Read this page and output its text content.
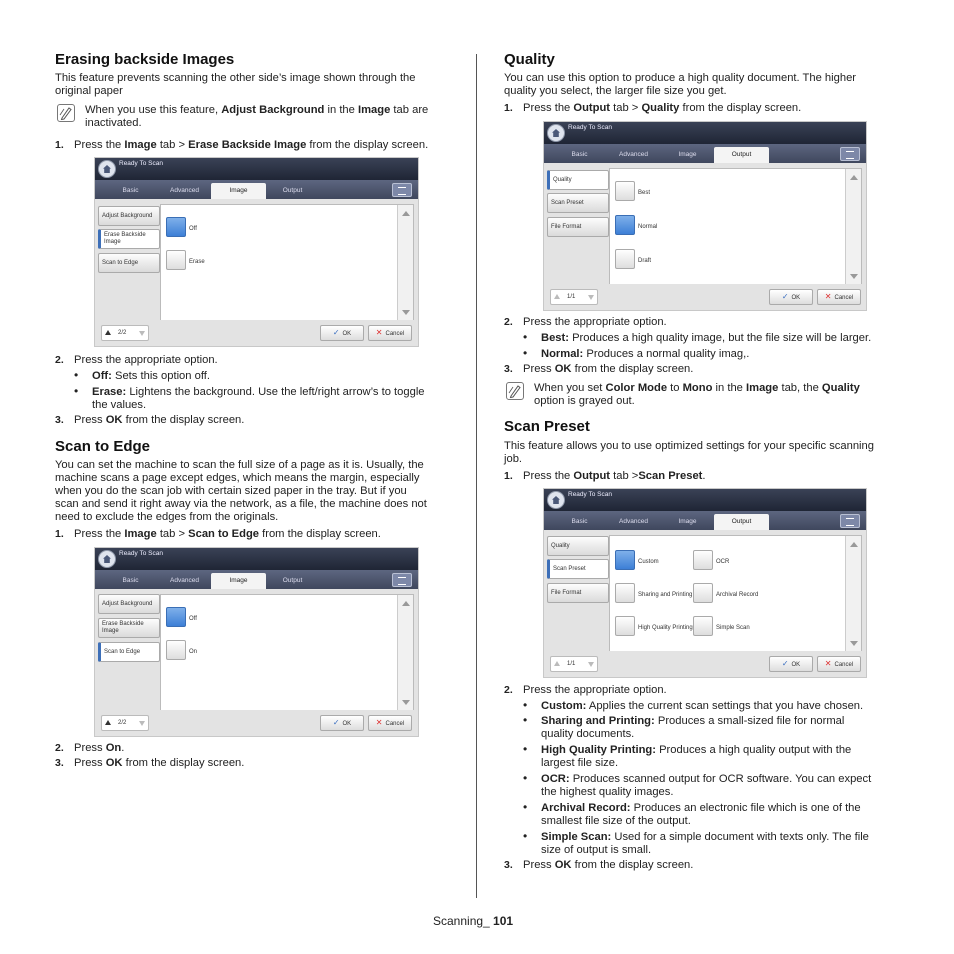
Erasing backside Images
This feature prevents scanning the other side’s image shown through the
original paper
When you use this feature, Adjust Background in the Image tab are
inactivated.
1. Press the Image tab > Erase Backside Image from the display screen.
Ready To Scan
Basic	Advanced	Image	Output
Adjust Background
Erase Backside Image
Scan to Edge
Off
Erase
2/2	✓ OK	✕ Cancel
2. Press the appropriate option.
• Off: Sets this option off.
• Erase: Lightens the background. Use the left/right arrow’s to toggle
the values.
3. Press OK from the display screen.
Scan to Edge
You can set the machine to scan the full size of a page as it is. Usually, the
machine scans a page except edges, which means the margin, especially
when you do the scan job with certain sized paper in the tray. But if you
scan and send it right away via the network, as a file, the machine does not
need to exclude the edges from the originals.
1. Press the Image tab > Scan to Edge from the display screen.
Ready To Scan
Basic	Advanced	Image	Output
Adjust Background
Erase Backside Image
Scan to Edge
Off
On
2/2	✓ OK	✕ Cancel
2. Press On.
3. Press OK from the display screen.
Quality
You can use this option to produce a high quality document. The higher
quality you select, the larger file size you get.
1. Press the Output tab > Quality from the display screen.
Ready To Scan
Basic	Advanced	Image	Output
Quality
Scan Preset
File Format
Best
Normal
Draft
1/1	✓ OK	✕ Cancel
2. Press the appropriate option.
• Best: Produces a high quality image, but the file size will be larger.
• Normal: Produces a normal quality imag,.
3. Press OK from the display screen.
When you set Color Mode to Mono in the Image tab, the Quality
option is grayed out.
Scan Preset
This feature allows you to use optimized settings for your specific scanning
job.
1. Press the Output tab >Scan Preset.
Ready To Scan
Basic	Advanced	Image	Output
Quality
Scan Preset
File Format
Custom	OCR
Sharing and Printing	Archival Record
High Quality Printing	Simple Scan
1/1	✓ OK	✕ Cancel
2. Press the appropriate option.
• Custom: Applies the current scan settings that you have chosen.
• Sharing and Printing: Produces a small-sized file for normal
quality documents.
• High Quality Printing: Produces a high quality output with the
largest file size.
• OCR: Produces scanned output for OCR software. You can expect
the highest quality images.
• Archival Record: Produces an electronic file which is one of the
smallest file size of the output.
• Simple Scan: Used for a simple document with texts only. The file
size of output is small.
3. Press OK from the display screen.
Scanning_ 101
